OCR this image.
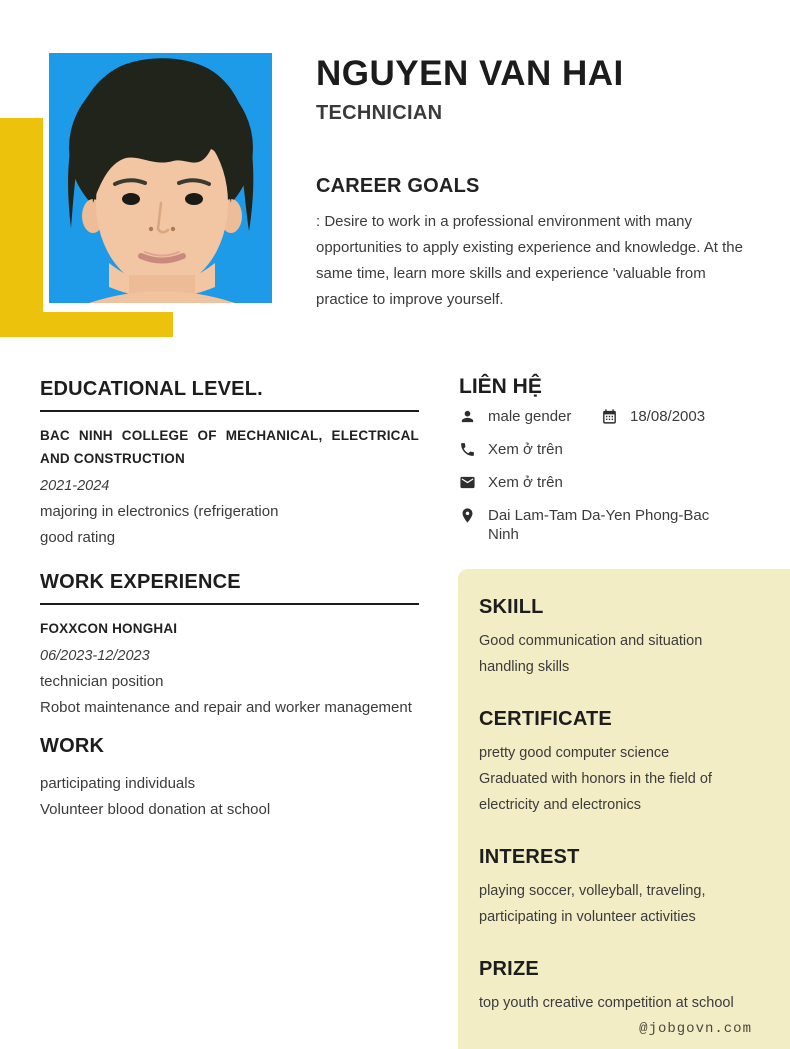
NGUYEN VAN HAI
TECHNICIAN
CAREER GOALS
: Desire to work in a professional environment with many opportunities to apply existing experience and knowledge. At the same time, learn more skills and experience 'valuable from practice to improve yourself.
EDUCATIONAL LEVEL.
BAC NINH COLLEGE OF MECHANICAL, ELECTRICAL AND CONSTRUCTION
2021-2024
majoring in electronics (refrigeration
good rating
WORK EXPERIENCE
FOXXCON HONGHAI
06/2023-12/2023
technician position
Robot maintenance and repair and worker management
WORK
participating individuals
Volunteer blood donation at school
LIÊN HỆ
male gender	18/08/2003
Xem ở trên
Xem ở trên
Dai Lam-Tam Da-Yen Phong-Bac Ninh
SKIILL
Good communication and situation handling skills
CERTIFICATE
pretty good computer science Graduated with honors in the field of electricity and electronics
INTEREST
playing soccer, volleyball, traveling, participating in volunteer activities
PRIZE
top youth creative competition at school
@jobgovn.com
